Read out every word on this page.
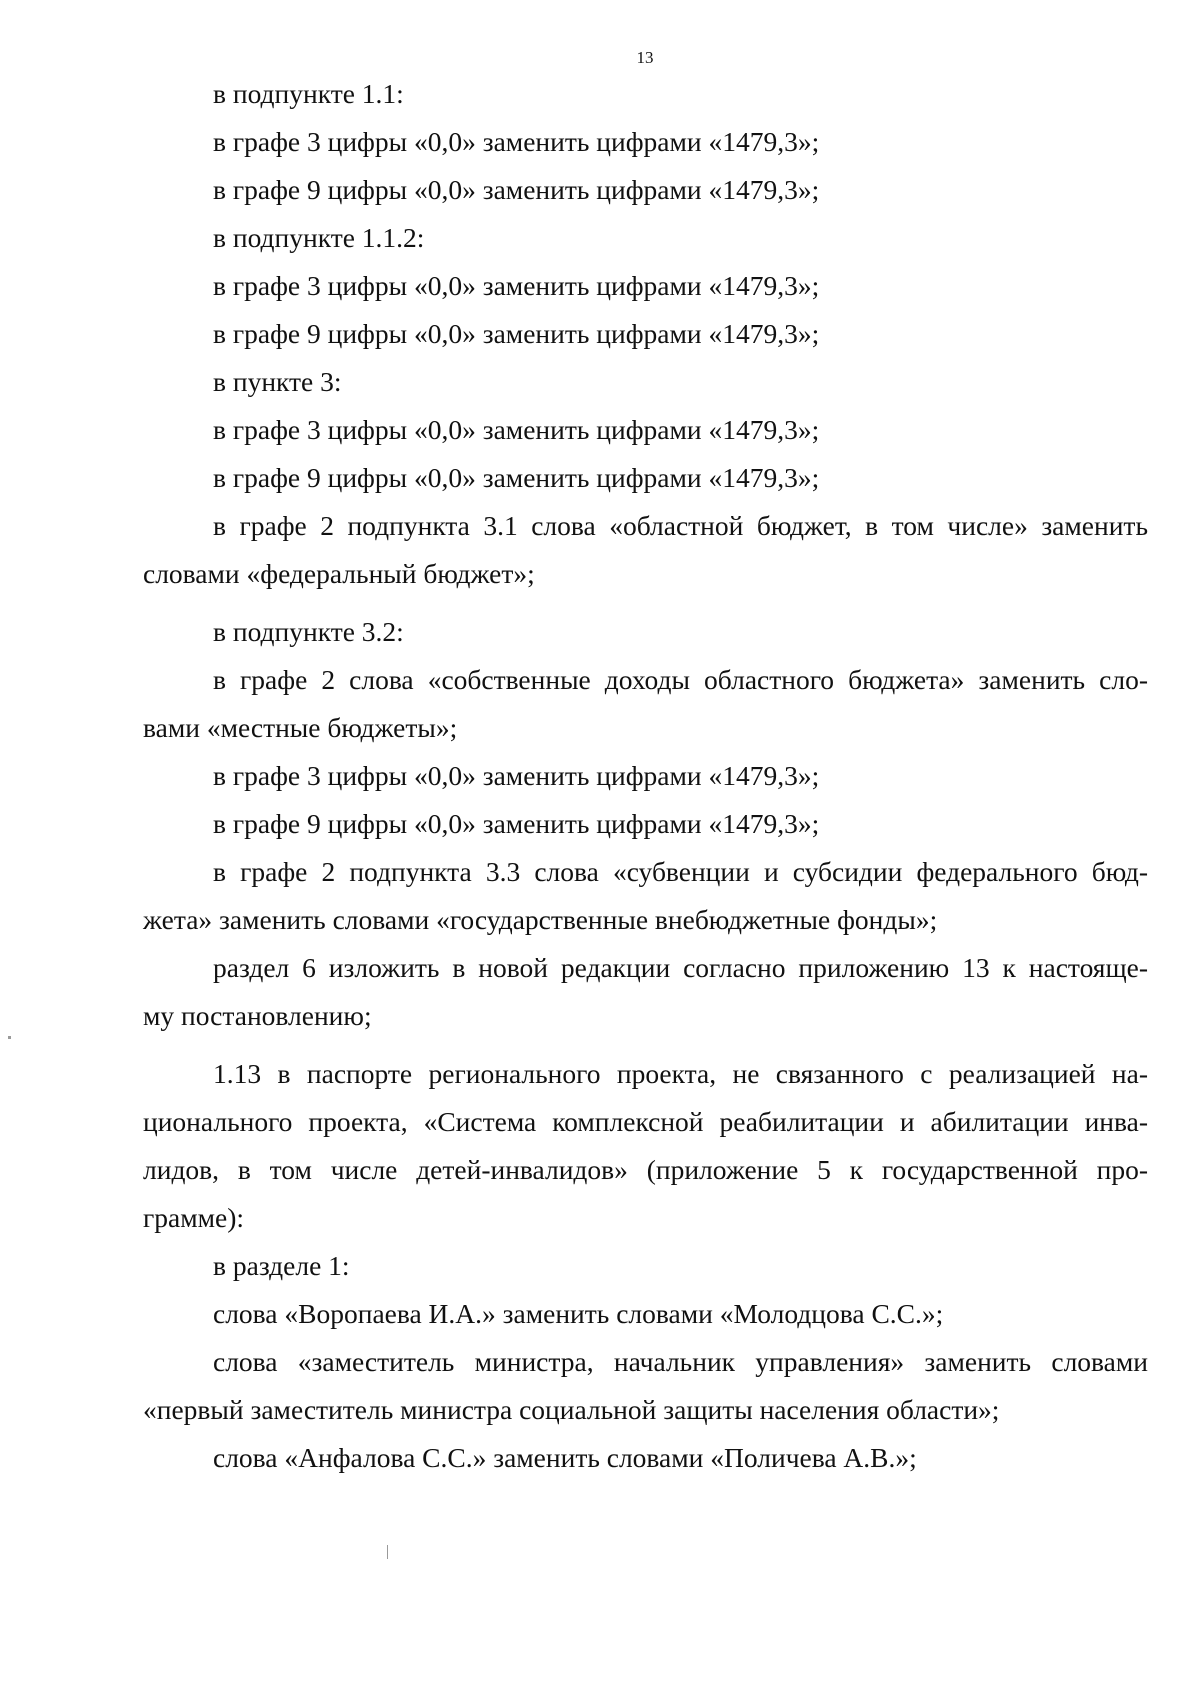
13

в подпункте 1.1:

в графе 3 цифры «0,0» заменить цифрами «1479,3»;

в графе 9 цифры «0,0» заменить цифрами «1479,3»;

в подпункте 1.1.2:

в графе 3 цифры «0,0» заменить цифрами «1479,3»;

в графе 9 цифры «0,0» заменить цифрами «1479,3»;

в пункте 3:

в графе 3 цифры «0,0» заменить цифрами «1479,3»;

в графе 9 цифры «0,0» заменить цифрами «1479,3»;

в графе 2 подпункта 3.1 слова «областной бюджет, в том числе» заменить

словами «федеральный бюджет»;

в подпункте 3.2:

в графе 2 слова «собственные доходы областного бюджета» заменить сло-

вами «местные бюджеты»;

в графе 3 цифры «0,0» заменить цифрами «1479,3»;

в графе 9 цифры «0,0» заменить цифрами «1479,3»;

в графе 2 подпункта 3.3 слова «субвенции и субсидии федерального бюд-

жета» заменить словами «государственные внебюджетные фонды»;

раздел 6 изложить в новой редакции согласно приложению 13 к настояще-

му постановлению;

1.13 в паспорте регионального проекта, не связанного с реализацией на-

ционального проекта, «Система комплексной реабилитации и абилитации инва-

лидов, в том числе детей-инвалидов» (приложение 5 к государственной про-

грамме):

в разделе 1:

слова «Воропаева И.А.» заменить словами «Молодцова С.С.»;

слова «заместитель министра, начальник управления» заменить словами

«первый заместитель министра социальной защиты населения области»;

слова «Анфалова С.С.» заменить словами «Поличева А.В.»;
